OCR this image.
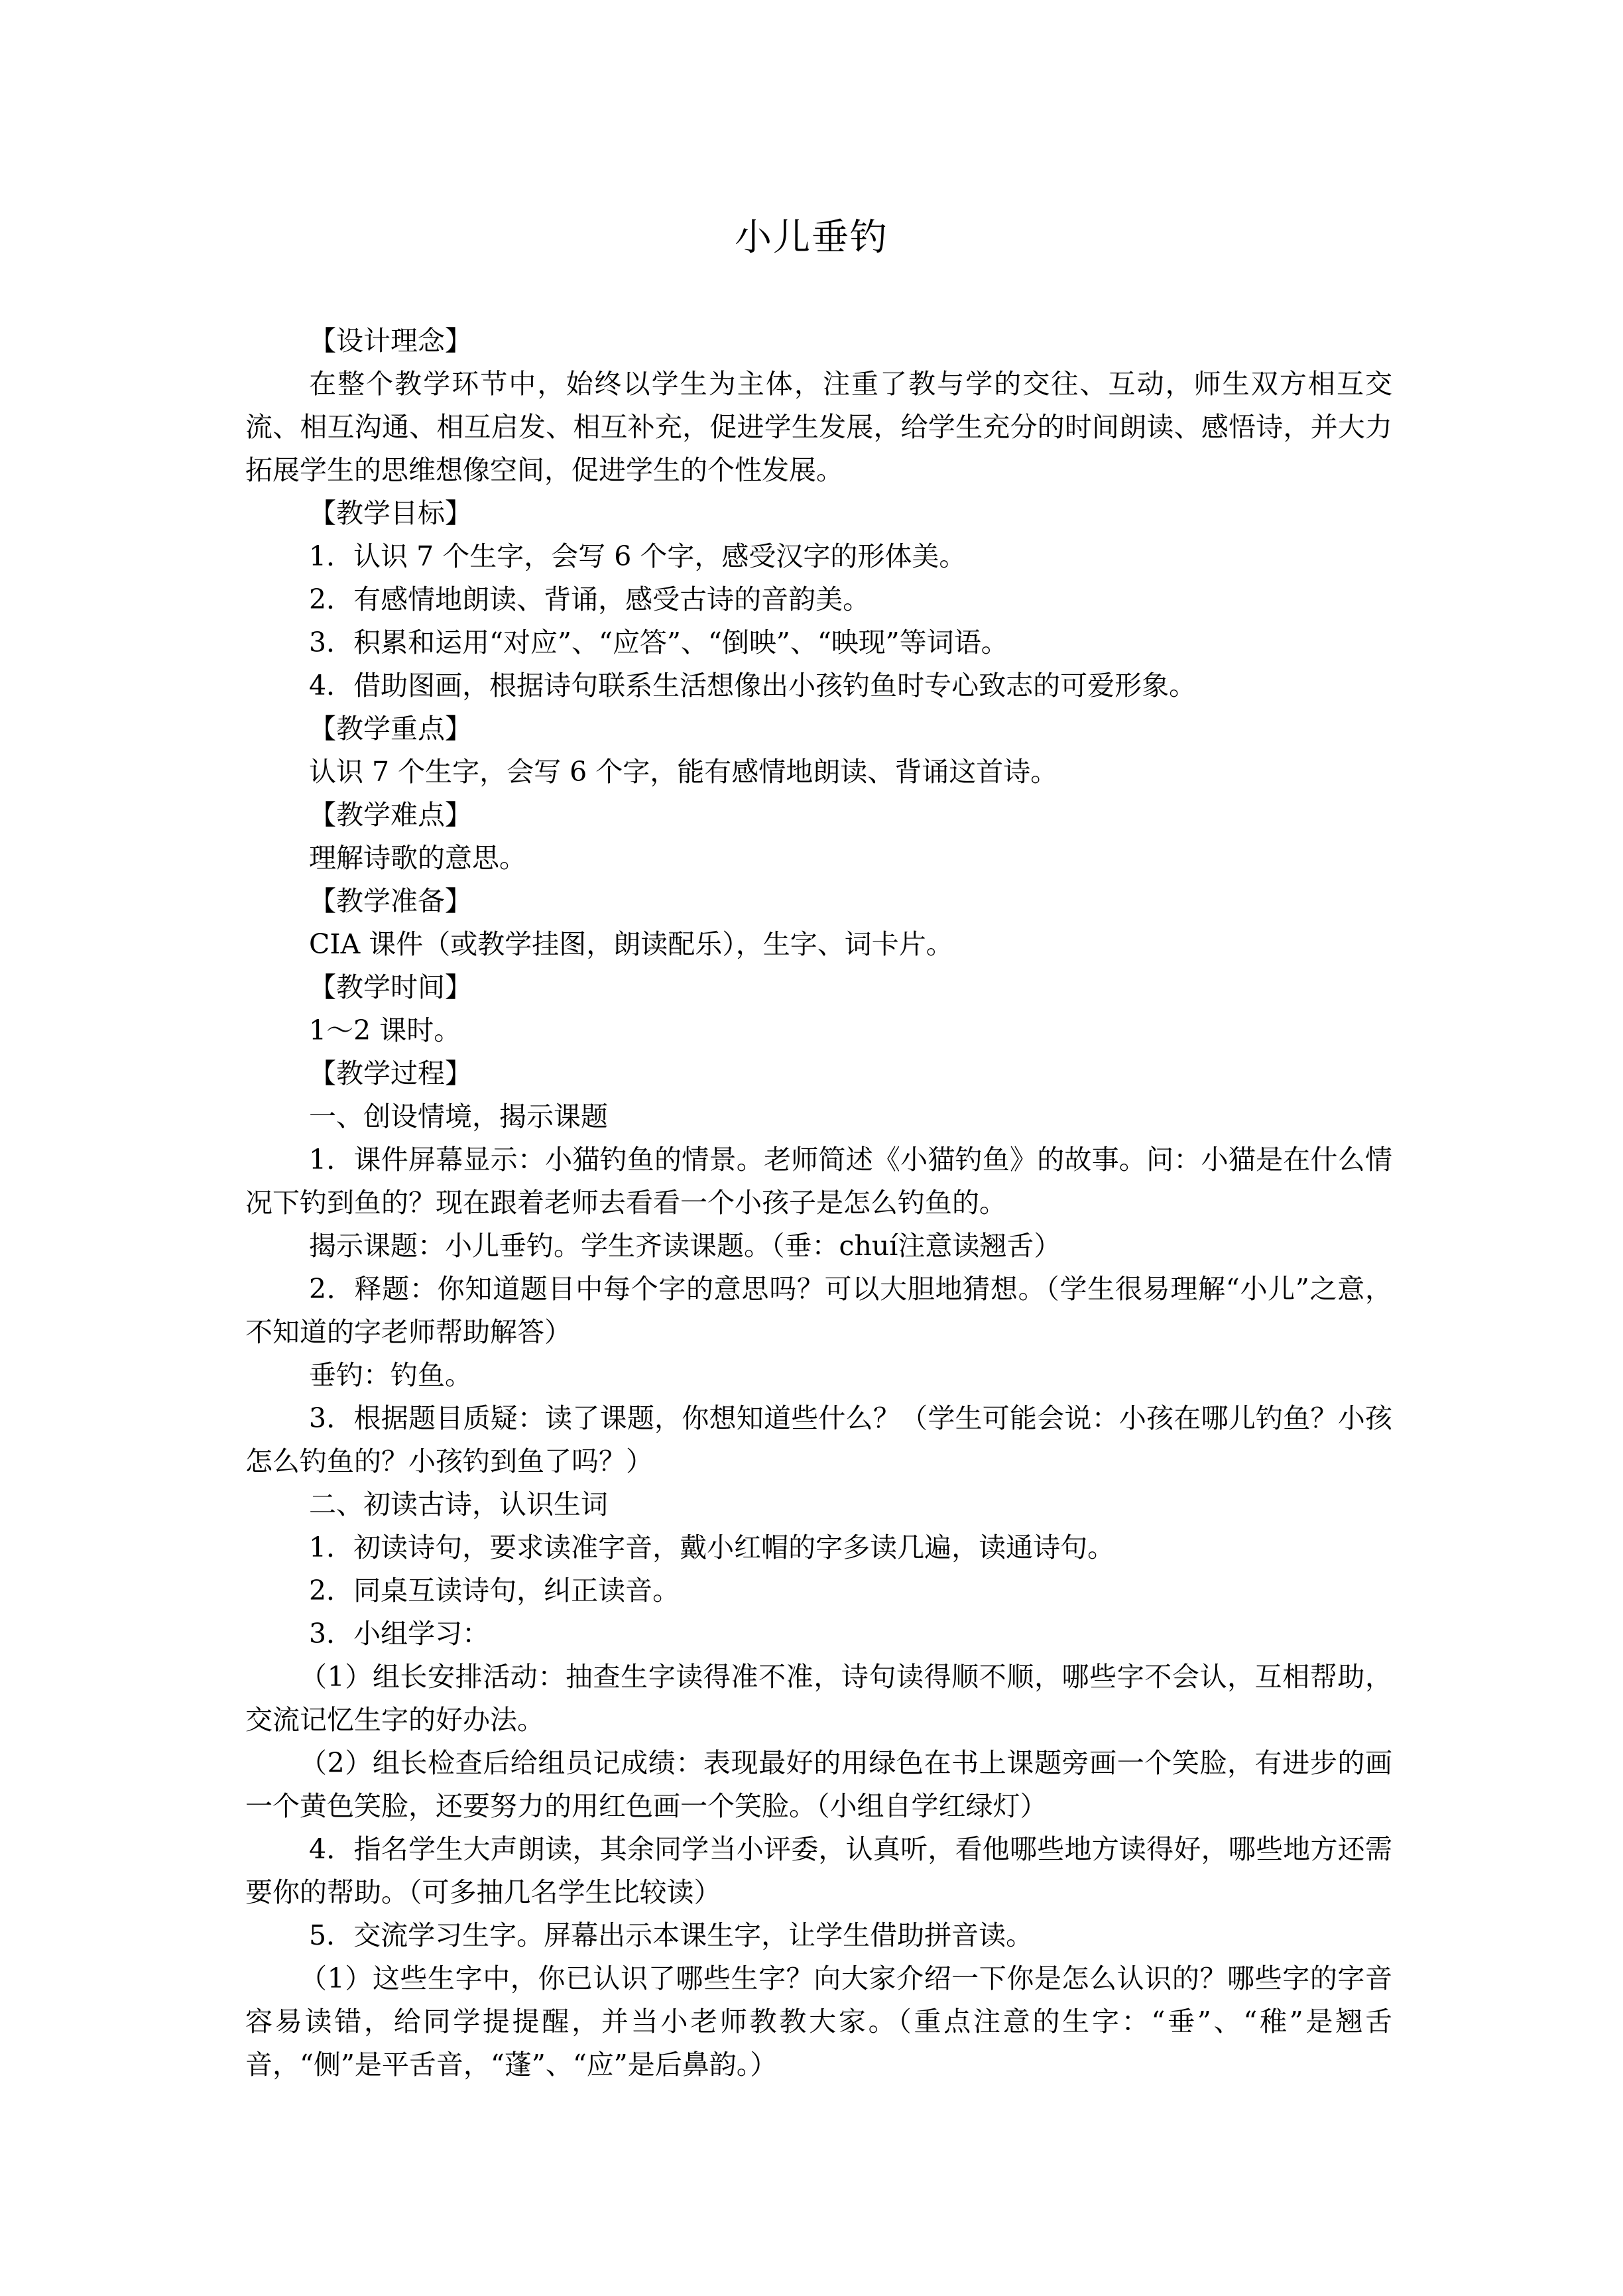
小儿垂钓

【设计理念】

在整个教学环节中，始终以学生为主体，注重了教与学的交往、互动，师生双方相互交流、相互沟通、相互启发、相互补充，促进学生发展，给学生充分的时间朗读、感悟诗，并大力拓展学生的思维想像空间，促进学生的个性发展。

【教学目标】

1．认识 7 个生字，会写 6 个字，感受汉字的形体美。

2．有感情地朗读、背诵，感受古诗的音韵美。

3．积累和运用“对应”、“应答”、“倒映”、“映现”等词语。

4．借助图画，根据诗句联系生活想像出小孩钓鱼时专心致志的可爱形象。

【教学重点】

认识 7 个生字，会写 6 个字，能有感情地朗读、背诵这首诗。

【教学难点】

理解诗歌的意思。

【教学准备】

CIA 课件（或教学挂图，朗读配乐），生字、词卡片。

【教学时间】

1～2 课时。

【教学过程】

一、创设情境，揭示课题

1．课件屏幕显示：小猫钓鱼的情景。老师简述《小猫钓鱼》的故事。问：小猫是在什么情况下钓到鱼的？现在跟着老师去看看一个小孩子是怎么钓鱼的。

揭示课题：小儿垂钓。学生齐读课题。（垂：chuí注意读翘舌）

2．释题：你知道题目中每个字的意思吗？可以大胆地猜想。（学生很易理解“小儿”之意，不知道的字老师帮助解答）

垂钓：钓鱼。

3．根据题目质疑：读了课题，你想知道些什么？（学生可能会说：小孩在哪儿钓鱼？小孩怎么钓鱼的？小孩钓到鱼了吗？）

二、初读古诗，认识生词

1．初读诗句，要求读准字音，戴小红帽的字多读几遍，读通诗句。

2．同桌互读诗句，纠正读音。

3．小组学习：

（1）组长安排活动：抽查生字读得准不准，诗句读得顺不顺，哪些字不会认，互相帮助，交流记忆生字的好办法。

（2）组长检查后给组员记成绩：表现最好的用绿色在书上课题旁画一个笑脸，有进步的画一个黄色笑脸，还要努力的用红色画一个笑脸。（小组自学红绿灯）

4．指名学生大声朗读，其余同学当小评委，认真听，看他哪些地方读得好，哪些地方还需要你的帮助。（可多抽几名学生比较读）

5．交流学习生字。屏幕出示本课生字，让学生借助拼音读。

（1）这些生字中，你已认识了哪些生字？向大家介绍一下你是怎么认识的？哪些字的字音容易读错，给同学提提醒，并当小老师教教大家。（重点注意的生字：“垂”、“稚”是翘舌音，“侧”是平舌音，“蓬”、“应”是后鼻韵。）
